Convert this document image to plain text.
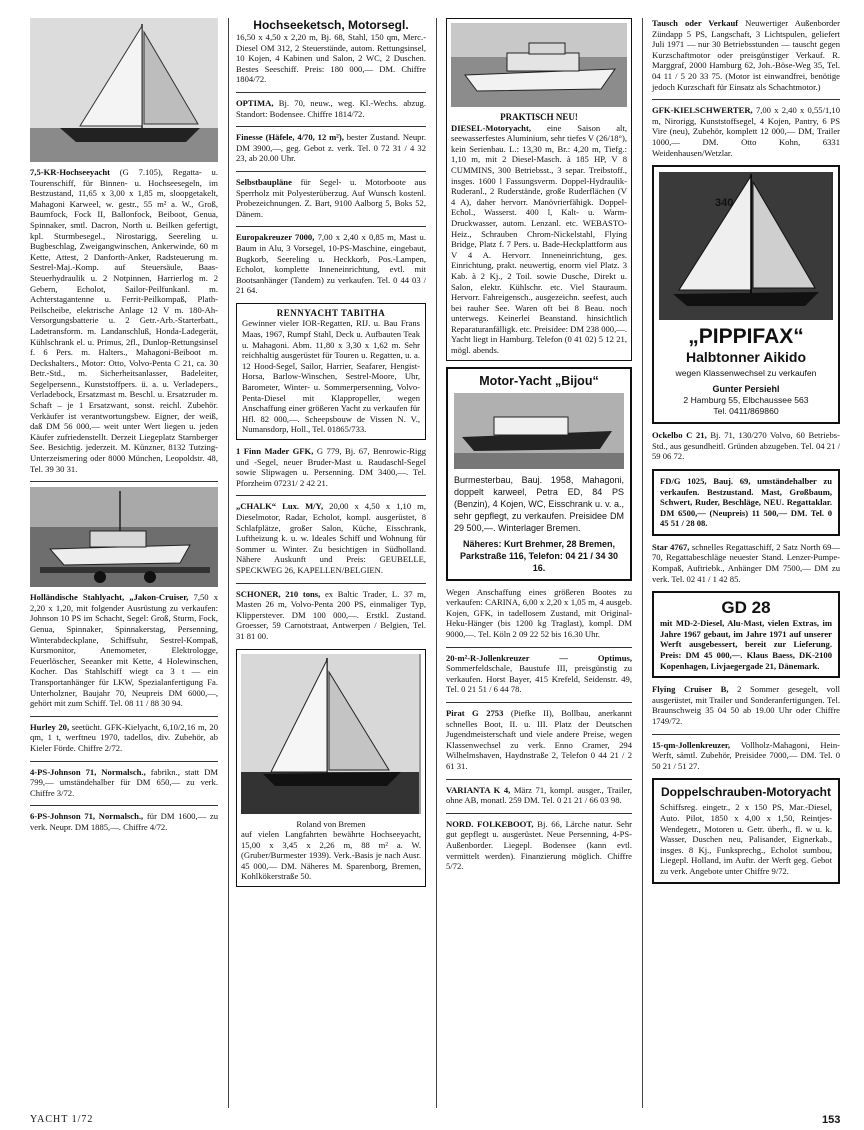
7,5-KR-Hochseeyacht (G 7.105), Regatta- u. Tourenschiff, für Binnen- u. Hochseesegeln, im Bestzustand, 11,65 x 3,00 x 1,85 m, sloopgetakelt, Mahagoni Karweel, w. gestr., 55 m² a. W., Groß, Baumfock, Fock II, Ballonfock, Beiboot, Genua, Spinnaker, smtl. Dacron, North u. Beilken gefertigt, kpl. Sturmbesegel., Nirostarigg, Seereling u. Bugbeschlag, Zweigangwinschen, Ankerwinde, 60 m Kette, Attest, 2 Danforth-Anker, Radsteuerung m. Sestrel-Maj.-Komp. auf Steuersäule, Baas-Steuerhydraulik u. 2 Notpinnen, Harrierlog m. 2 Gebern, Echolot, Sailor-Peilfunkanl. m. Achterstagantenne u. Ferrit-Peilkompaß, Plath-Peilscheibe, elektrische Anlage 12 V m. 180-Ah-Versorgungsbatterie u. 2 Getr.-Arb.-Starterbatt., Ladetransform. m. Landanschluß, Honda-Ladegerät, Kühlschrank el. u. Primus, 2fl., Dunlop-Rettungsinsel f. 6 Pers. m. Halters., Mahagoni-Beiboot m. Deckshalters., Motor: Otto, Volvo-Penta C 21, ca. 30 Betr.-Std., m. Sicherheitsanlasser, Badeleiter, Segelpersenn., Kunststoffpers. ü. a. u. Verladepers., Verladebock, Ersatzmast m. Beschl. u. Ersatzruder m. Schaft – je 1 Ersatzwant, sonst. reichl. Zubehör. Verkäufer ist verantwortungsbew. Eigner, der weiß, daß DM 56 000,— weit unter Wert liegen u. jeden Käufer zufriedenstellt. Derzeit Liegeplatz Starnberger See. Besichtig. jederzeit. M. Künzner, 8132 Tutzing-Unterzeismering oder 8000 München, Leopoldstr. 48, Tel. 39 30 31.
Holländische Stahlyacht, „Jakon-Cruiser, 7,50 x 2,20 x 1,20, mit folgender Ausrüstung zu verkaufen: Johnson 10 PS im Schacht, Segel: Groß, Sturm, Fock, Genua, Spinnaker, Spinnakerstag, Persenning, Winterabdeckplane, Schiffsuhr, Sestrel-Kompaß, Kursmonitor, Anemometer, Elektrologge, Feuerlöscher, Seeanker mit Kette, 4 Holewinschen, Kocher. Das Stahlschiff wiegt ca 3 t — ein Transportanhänger für LKW, Spezialanfertigung Fa. Unterholzner, Baujahr 70, Neupreis DM 6000,—, gehört mit zum Schiff. Tel. 08 11 / 88 30 94.
Hurley 20, seetücht. GFK-Kielyacht, 6,10/2,16 m, 20 qm, 1 t, werftneu 1970, tadellos, div. Zubehör, ab Kieler Förde. Chiffre 2/72.
4-PS-Johnson 71, Normalsch., fabrikn., statt DM 799,— umständehalber für DM 650,— zu verk. Chiffre 3/72.
6-PS-Johnson 71, Normalsch., für DM 1600,— zu verk. Neupr. DM 1885,—. Chiffre 4/72.
Hochseeketsch, Motorsegl.
16,50 x 4,50 x 2,20 m, Bj. 68, Stahl, 150 qm, Merc.-Diesel OM 312, 2 Steuerstände, autom. Rettungsinsel, 10 Kojen, 4 Kabinen und Salon, 2 WC, 2 Duschen. Bestes Seeschiff. Preis: 180 000,— DM. Chiffre 1804/72.
OPTIMA, Bj. 70, neuw., weg. Kl.-Wechs. abzug. Standort: Bodensee. Chiffre 1814/72.
Finesse (Häfele, 4/70, 12 m²), bester Zustand. Neupr. DM 3900,—, geg. Gebot z. verk. Tel. 0 72 31 / 4 32 23, ab 20.00 Uhr.
Selbstbaupläne für Segel- u. Motorboote aus Sperrholz mit Polyesterüberzug. Auf Wunsch kostenl. Probezeichnungen. Z. Bart, 9100 Aalborg 5, Boks 52, Dänem.
Europakreuzer 7000, 7,00 x 2,40 x 0,85 m, Mast u. Baum in Alu, 3 Vorsegel, 10-PS-Maschine, eingebaut, Bugkorb, Seereling u. Heckkorb, Pos.-Lampen, Echolot, komplette Inneneinrichtung, evtl. mit Bootsanhänger (Tandem) zu verkaufen. Tel. 0 44 03 / 21 64.
RENNYACHT TABITHA
Gewinner vieler IOR-Regatten, RIJ. u. Bau Frans Maas, 1967, Rumpf Stahl, Deck u. Aufbauten Teak u. Mahagoni. Abm. 11,80 x 3,30 x 1,62 m. Sehr reichhaltig ausgerüstet für Touren u. Regatten, u. a. 12 Hood-Segel, Sailor, Harrier, Seafarer, Hengist-Horsa, Barlow-Winschen, Sestrel-Moore, Uhr, Barometer, Winter- u. Sommerpersenning, Volvo-Penta-Diesel mit Klappropeller, wegen Anschaffung einer größeren Yacht zu verkaufen für Hfl. 82 000,—. Scheepsbouw de Vissen N. V., Numansdorp, Holl., Tel. 01865/733.
1 Finn Mader GFK, G 779, Bj. 67, Benrowic-Rigg und -Segel, neuer Bruder-Mast u. Raudaschl-Segel sowie Slipwagen u. Persenning. DM 3400,—. Tel. Pforzheim 07231/ 2 42 21.
„CHALK“ Lux. M/Y, 20,00 x 4,50 x 1,10 m, Dieselmotor, Radar, Echolot, kompl. ausgerüstet, 8 Schlafplätze, großer Salon, Küche, Eisschrank, Luftheizung k. u. w. Ideales Schiff und Wohnung für Sommer u. Winter. Zu besichtigen in Südholland. Nähere Auskunft und Preis: GEUBELLE, SPECKWEG 26, KAPELLEN/BELGIEN.
SCHONER, 210 tons, ex Baltic Trader, L. 37 m, Masten 26 m, Volvo-Penta 200 PS, einmaliger Typ, Klipperstever. DM 100 000,—. Erstkl. Zustand. Groesser, 59 Carnotstraat, Antwerpen / Belgien, Tel. 31 81 00.
Roland von Bremen
auf vielen Langfahrten bewährte Hochseeyacht, 15,00 x 3,45 x 2,26 m, 88 m² a. W. (Gruber/Burmester 1939). Verk.-Basis je nach Ausr. 45 000,— DM. Näheres M. Sparenborg, Bremen, Kohlkökerstraße 50.
PRAKTISCH NEU!
DIESEL-Motoryacht, eine Saison alt, seewasserfestes Aluminium, sehr tiefes V (26/18°), kein Serienbau. L.: 13,30 m, Br.: 4,20 m, Tiefg.: 1,10 m, mit 2 Diesel-Masch. à 185 HP, V 8 CUMMINS, 300 Betriebsst., 3 separ. Treibstoff., insges. 1600 l Fassungsverm. Doppel-Hydraulik-Ruderanl., 2 Ruderstände, große Ruderflächen (V 4 A), daher hervorr. Manövrierfähigk. Doppel-Echol., Wasserst. 400 l, Kalt- u. Warm-Druckwasser, autom. Lenzanl. etc. WEBASTO-Heiz., Schrauben Chrom-Nickelstahl, Flying Bridge, Platz f. 7 Pers. u. Bade-Heckplattform aus V 4 A. Hervorr. Inneneinrichtung, ges. Einrichtung, prakt. neuwertig, enorm viel Platz. 3 Kab. à 2 Kj., 2 Toil. sowie Dusche, Direkt u. Salon, elektr. Kühlschr. etc. Viel Stauraum. Hervorr. Fahreigensch., ausgezeichn. seefest, auch bei rauher See. Waren oft bei 8 Beau. noch unterwegs. Keinerlei Beanstand. hinsichtlich Reparaturanfälligk. etc. Preisidee: DM 238 000,—. Yacht liegt in Hamburg. Telefon (0 41 02) 5 12 21, mögl. abends.
Motor-Yacht „Bijou“
Burmesterbau, Bauj. 1958, Mahagoni, doppelt karweel, Petra ED, 84 PS (Benzin), 4 Kojen, WC, Eisschrank u. v. a., sehr gepflegt, zu verkaufen. Preisidee DM 29 500,—. Winterlager Bremen.
Näheres: Kurt Brehmer, 28 Bremen, Parkstraße 116, Telefon: 04 21 / 34 30 16.
Wegen Anschaffung eines größeren Bootes zu verkaufen: CARINA, 6,00 x 2,20 x 1,05 m, 4 ausgeb. Kojen, GFK, in tadellosem Zustand, mit Original-Heku-Hänger (bis 1200 kg Traglast), kompl. DM 9000,—. Tel. Köln 2 09 22 52 bis 16.30 Uhr.
20-m²-R-Jollenkreuzer — Optimus, Sommerfeldschale, Baustufe III, preisgünstig zu verkaufen. Horst Bayer, 415 Krefeld, Seidenstr. 49, Tel. 0 21 51 / 6 44 78.
Pirat G 2753 (Piefke II), Bollbau, anerkannt schnelles Boot, II. u. III. Platz der Deutschen Jugendmeisterschaft und viele andere Preise, wegen Klassenwechsel zu verk. Enno Cramer, 294 Wilhelmshaven, Haydnstraße 2, Telefon 0 44 21 / 2 61 31.
VARIANTA K 4, März 71, kompl. ausger., Trailer, ohne AB, monatl. 259 DM. Tel. 0 21 21 / 66 03 98.
NORD. FOLKEBOOT, Bj. 66, Lärche natur. Sehr gut gepflegt u. ausgerüstet. Neue Persenning, 4-PS-Außenborder. Liegepl. Bodensee (kann evtl. vermittelt werden). Finanzierung möglich. Chiffre 5/72.
Tausch oder Verkauf Neuwertiger Außenborder Zündapp 5 PS, Langschaft, 3 Lichtspulen, geliefert Juli 1971 — nur 30 Betriebsstunden — tauscht gegen Kurzschaftmotor oder preisgünstiger Verkauf. R. Marggraf, 2000 Hamburg 62, Joh.-Böse-Weg 35, Tel. 04 11 / 5 20 33 75. (Motor ist einwandfrei, benötige jedoch Kurzschaft für Einsatz als Schachtmotor.)
GFK-KIELSCHWERTER, 7,00 x 2,40 x 0,55/1,10 m, Nirorigg, Kunststoffsegel, 4 Kojen, Pantry, 6 PS Vire (neu), Zubehör, komplett 12 000,— DM, Trailer 1000,— DM. Otto Kohn, 6331 Weidenhausen/Wetzlar.
340
„PIPPIFAX“
Halbtonner Aikido
wegen Klassenwechsel zu verkaufen
Gunter Persiehl
2 Hamburg 55, Elbchaussee 563
Tel. 0411/869860
Ockelbo C 21, Bj. 71, 130/270 Volvo, 60 Betriebs-Std., aus gesundheitl. Gründen abzugeben. Tel. 04 21 / 59 06 72.
FD/G 1025, Bauj. 69, umständehalber zu verkaufen. Bestzustand. Mast, Großbaum, Schwert, Ruder, Beschläge, NEU. Regattaklar. DM 6500,— (Neupreis) 11 500,— DM. Tel. 0 45 51 / 28 08.
Star 4767, schnelles Regattaschiff, 2 Satz North 69—70, Regattabeschläge neuester Stand. Lenzer-Pumpe-Kompaß, Auftriebk., Anhänger DM 7500,— DM zu verk. Tel. 02 41 / 1 42 85.
GD 28
mit MD-2-Diesel, Alu-Mast, vielen Extras, im Jahre 1967 gebaut, im Jahre 1971 auf unserer Werft ausgebessert, bereit zur Lieferung. Preis: DM 45 000,—. Klaus Baess, DK-2100 Kopenhagen, Livjaegergade 21, Dänemark.
Flying Cruiser B, 2 Sommer gesegelt, voll ausgerüstet, mit Trailer und Sonderanfertigungen. Tel. Braunschweig 35 04 50 ab 19.00 Uhr oder Chiffre 1749/72.
15-qm-Jollenkreuzer, Vollholz-Mahagoni, Hein-Werft, sämtl. Zubehör, Preisidee 7000,— DM. Tel. 0 50 21 / 51 27.
Doppelschrauben-Motoryacht
Schiffsreg. eingetr., 2 x 150 PS, Mar.-Diesel, Auto. Pilot, 1850 x 4,00 x 1,50, Reintjes-Wendegetr., Motoren u. Getr. überh., fl. w u. k. Wasser, Duschen neu, Palisander, Eignerkab., insges. 8 Kj., Funksprechg., Echolot sumbou, Liegepl. Holland, im Auftr. der Werft geg. Gebot zu verk. Angebote unter Chiffre 9/72.
YACHT 1/72	153
